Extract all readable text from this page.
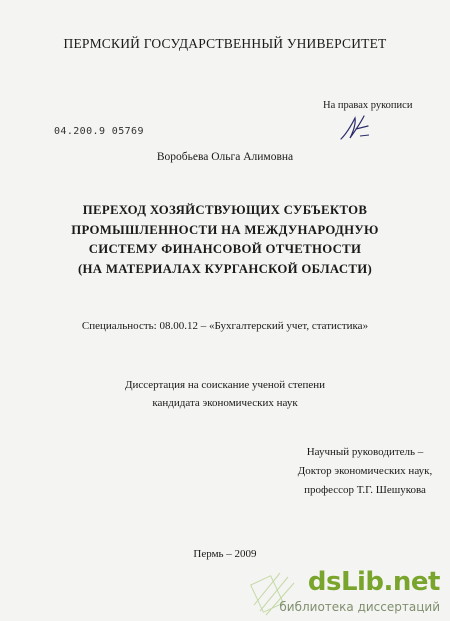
ПЕРМСКИЙ ГОСУДАРСТВЕННЫЙ УНИВЕРСИТЕТ
На правах рукописи
04.200.9 05769
Воробьева Ольга Алимовна
ПЕРЕХОД ХОЗЯЙСТВУЮЩИХ СУБЪЕКТОВ
ПРОМЫШЛЕННОСТИ НА МЕЖДУНАРОДНУЮ
СИСТЕМУ ФИНАНСОВОЙ ОТЧЕТНОСТИ
(НА МАТЕРИАЛАХ КУРГАНСКОЙ ОБЛАСТИ)
Специальность: 08.00.12 – «Бухгалтерский учет, статистика»
Диссертация на соискание ученой степени
кандидата экономических наук
Научный руководитель –
Доктор экономических наук,
профессор Т.Г. Шешукова
Пермь – 2009
dsLib.net
библиотека диссертаций
